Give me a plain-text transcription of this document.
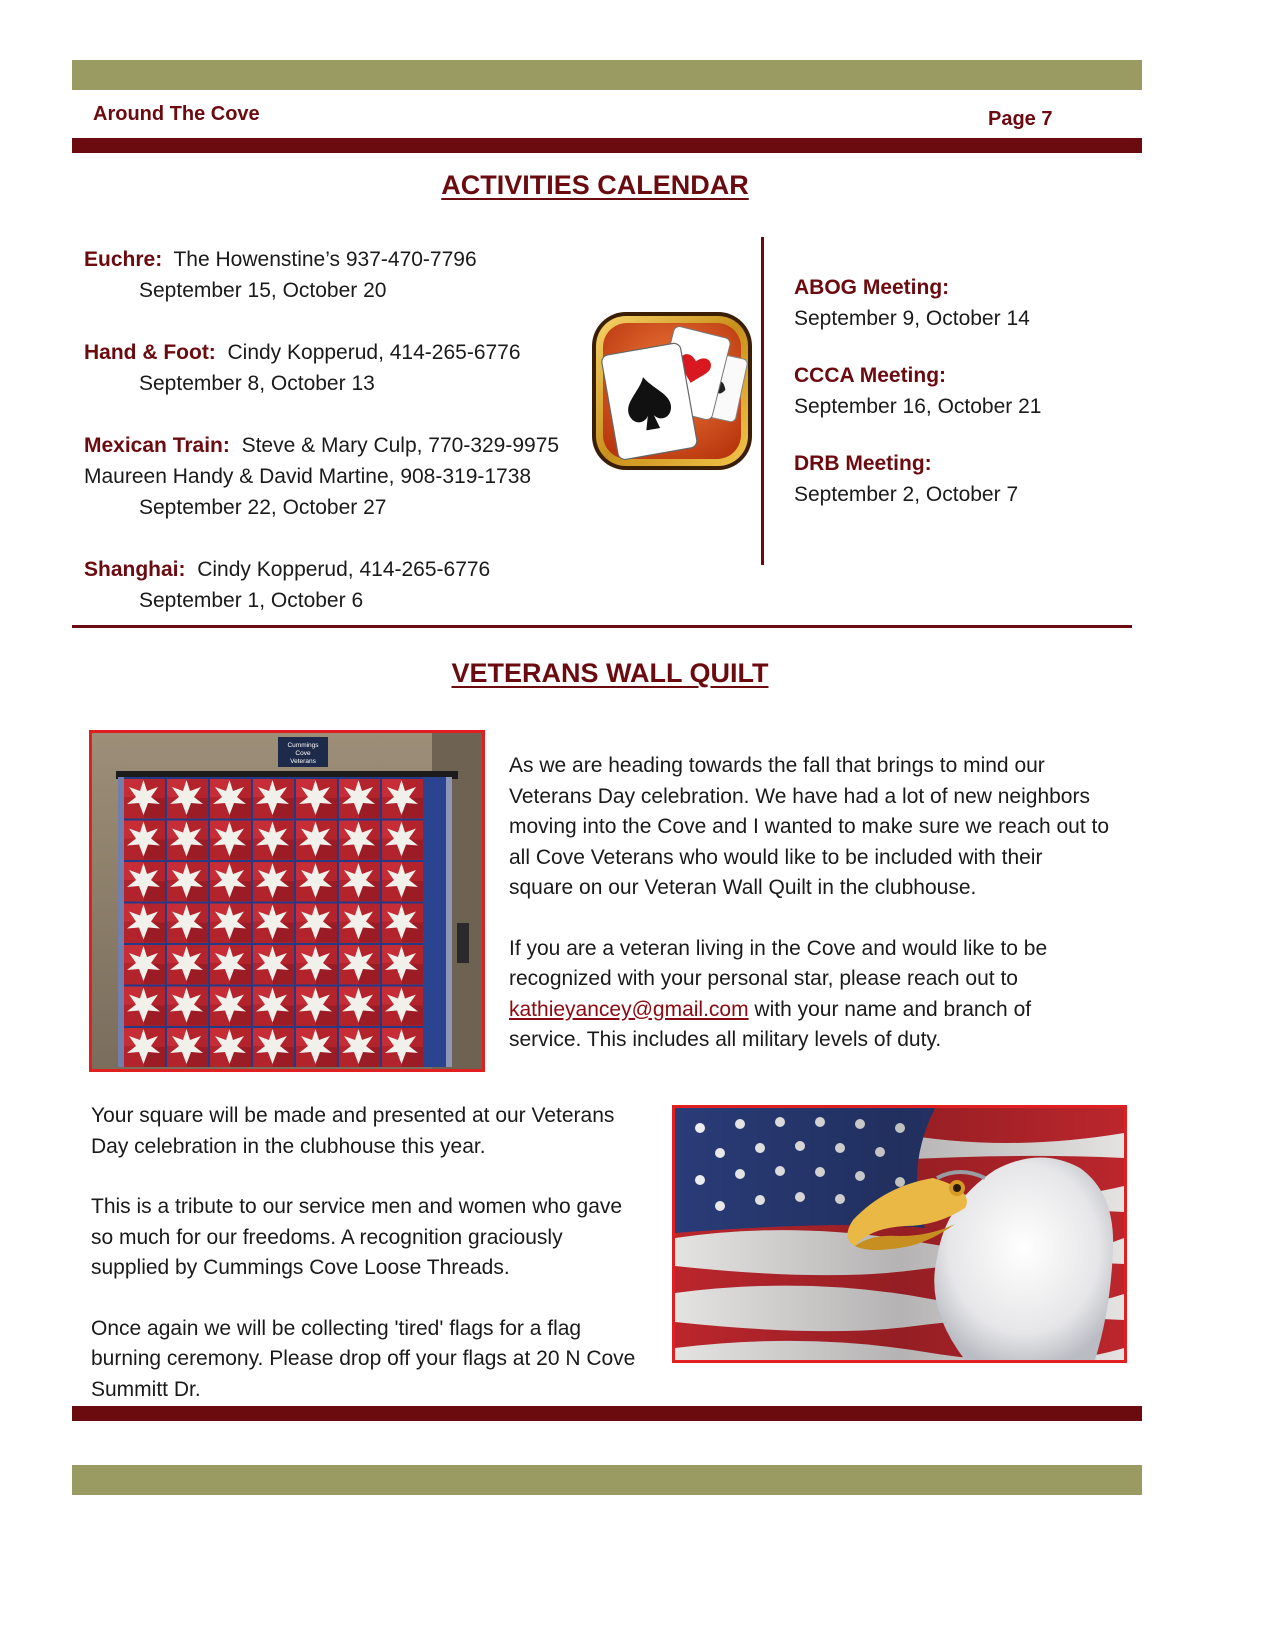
Around The Cove	Page 7
ACTIVITIES CALENDAR
Euchre: The Howenstine’s 937-470-7796
September 15, October 20
Hand & Foot: Cindy Kopperud, 414-265-6776
September 8, October 13
Mexican Train: Steve & Mary Culp, 770-329-9975
Maureen Handy & David Martine, 908-319-1738
September 22, October 27
Shanghai: Cindy Kopperud, 414-265-6776
September 1, October 6
ABOG Meeting:
September 9, October 14
CCCA Meeting:
September 16, October 21
DRB Meeting:
September 2, October 7
VETERANS WALL QUILT
Cummings
Cove
Veterans	As we are heading towards the fall that brings to mind our Veterans Day celebration. We have had a lot of new neighbors moving into the Cove and I wanted to make sure we reach out to all Cove Veterans who would like to be included with their square on our Veteran Wall Quilt in the clubhouse.

If you are a veteran living in the Cove and would like to be recognized with your personal star, please reach out to kathieyancey@gmail.com with your name and branch of service. This includes all military levels of duty.

Your square will be made and presented at our Veterans Day celebration in the clubhouse this year.

This is a tribute to our service men and women who gave so much for our freedoms. A recognition graciously supplied by Cummings Cove Loose Threads.

Once again we will be collecting 'tired' flags for a flag burning ceremony. Please drop off your flags at 20 N Cove Summitt Dr.
